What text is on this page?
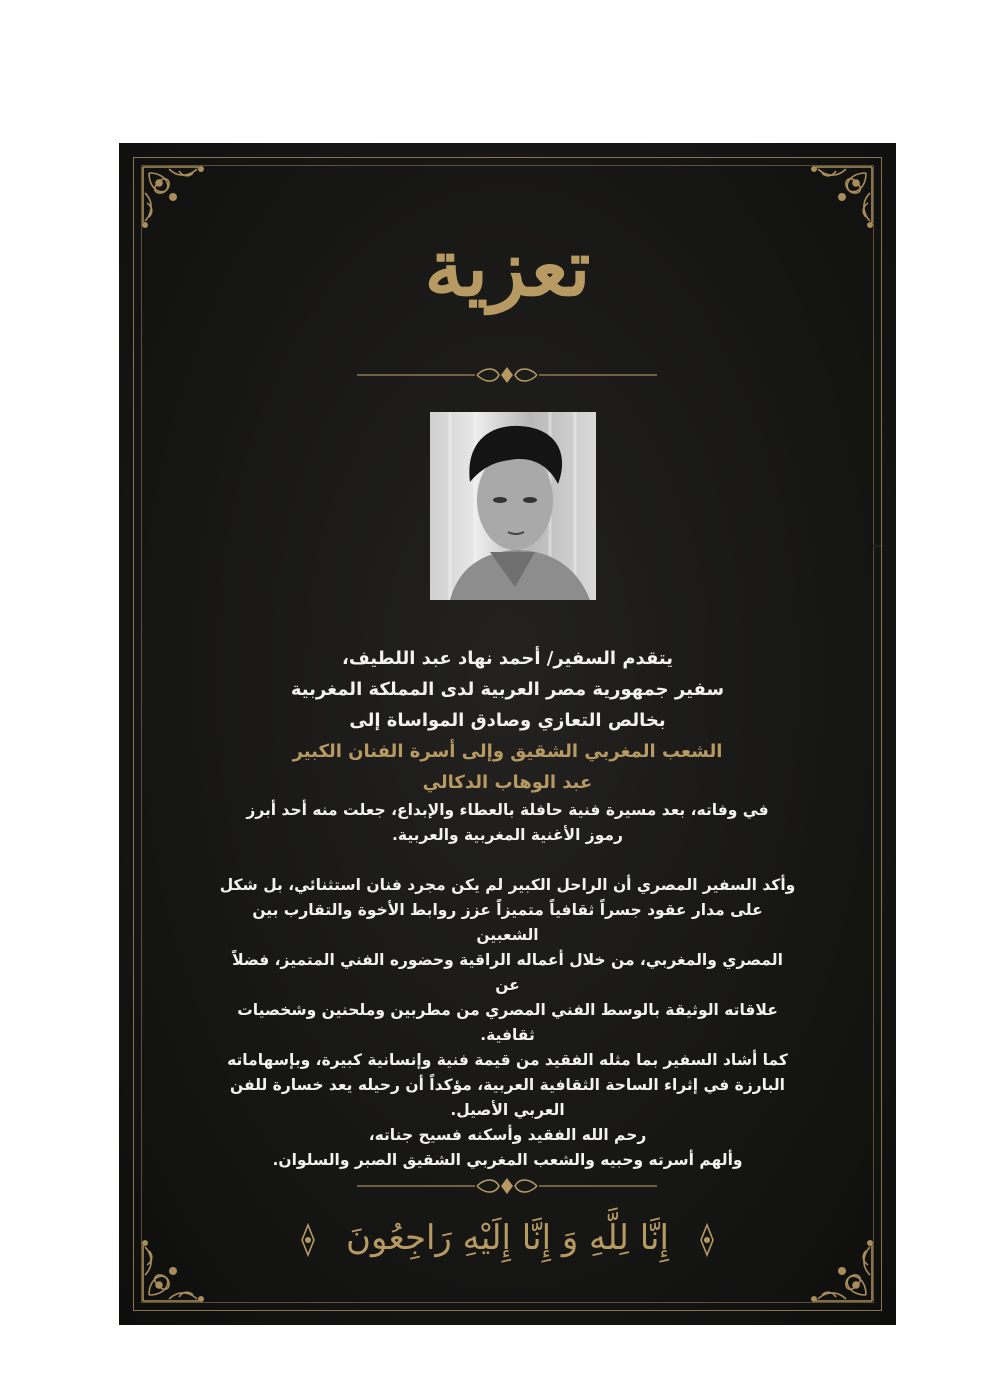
تعزية
يتقدم السفير/ أحمد نهاد عبد اللطيف،
سفير جمهورية مصر العربية لدى المملكة المغربية
بخالص التعازي وصادق المواساة إلى
الشعب المغربي الشقيق وإلى أسرة الفنان الكبير
عبد الوهاب الدكالي

في وفاته، بعد مسيرة فنية حافلة بالعطاء والإبداع، جعلت منه أحد أبرز

رموز الأغنية المغربية والعربية.

وأكد السفير المصري أن الراحل الكبير لم يكن مجرد فنان استثنائي، بل شكل

على مدار عقود جسراً ثقافياً متميزاً عزز روابط الأخوة والتقارب بين الشعبين

المصري والمغربي، من خلال أعماله الراقية وحضوره الفني المتميز، فضلاً عن

علاقاته الوثيقة بالوسط الفني المصري من مطربين وملحنين وشخصيات

ثقافية.

كما أشاد السفير بما مثله الفقيد من قيمة فنية وإنسانية كبيرة، وبإسهاماته

البارزة في إثراء الساحة الثقافية العربية، مؤكداً أن رحيله يعد خسارة للفن

العربي الأصيل.

رحم الله الفقيد وأسكنه فسيح جناته،

وألهم أسرته وحبيه والشعب المغربي الشقيق الصبر والسلوان.

إِنَّا لِلَّهِ وَ إِنَّا إِلَيْهِ رَاجِعُونَ
